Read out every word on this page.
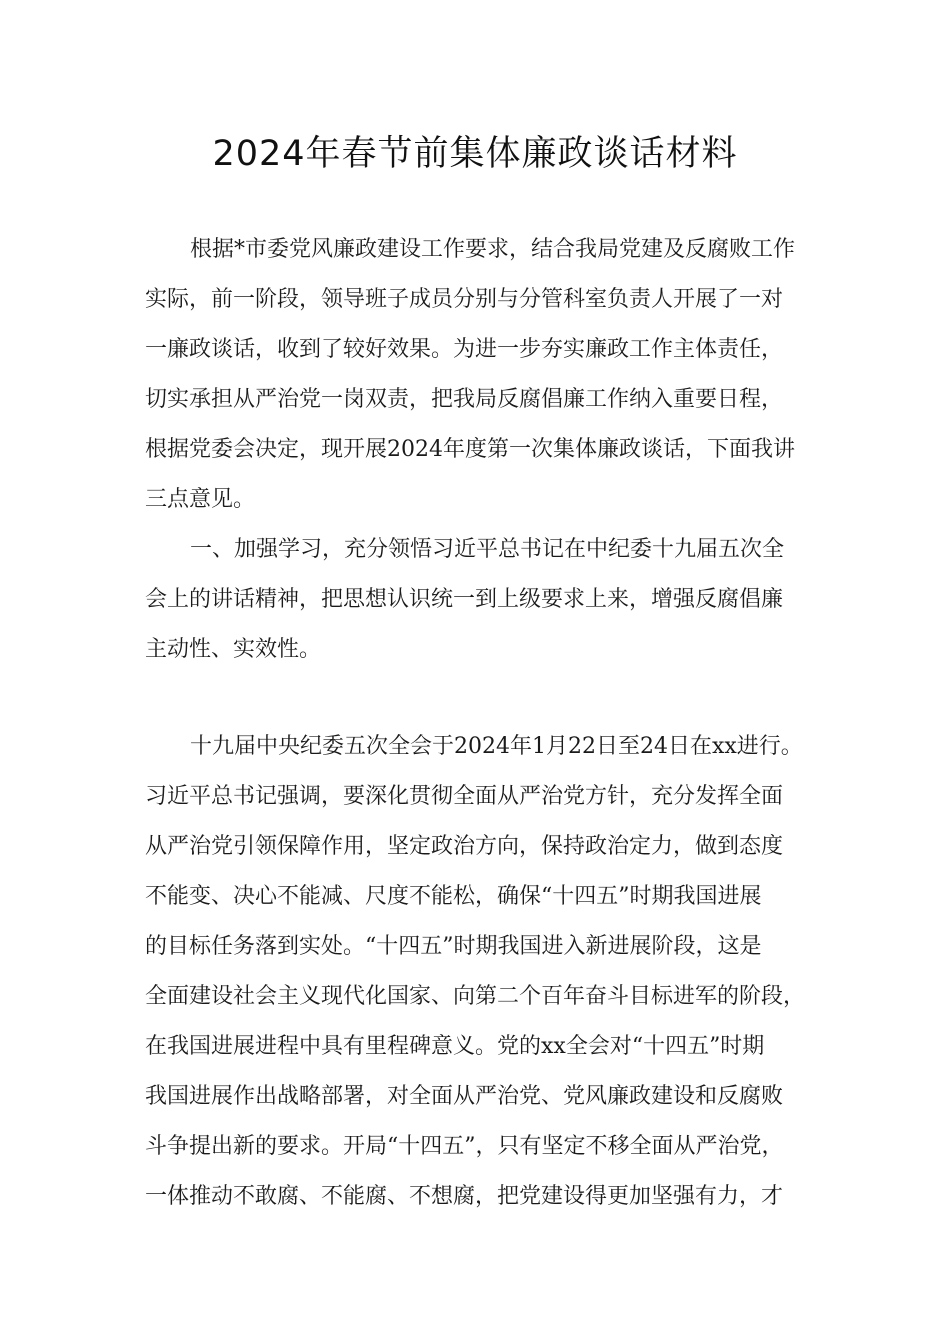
2024年春节前集体廉政谈话材料
根据*市委党风廉政建设工作要求，结合我局党建及反腐败工作
实际，前一阶段，领导班子成员分别与分管科室负责人开展了一对
一廉政谈话，收到了较好效果。为进一步夯实廉政工作主体责任，
切实承担从严治党一岗双责，把我局反腐倡廉工作纳入重要日程，
根据党委会决定，现开展2024年度第一次集体廉政谈话，下面我讲
三点意见。
一、加强学习，充分领悟习近平总书记在中纪委十九届五次全
会上的讲话精神，把思想认识统一到上级要求上来，增强反腐倡廉
主动性、实效性。
十九届中央纪委五次全会于2024年1月22日至24日在xx进行。
习近平总书记强调，要深化贯彻全面从严治党方针，充分发挥全面
从严治党引领保障作用，坚定政治方向，保持政治定力，做到态度
不能变、决心不能减、尺度不能松，确保“十四五”时期我国进展
的目标任务落到实处。“十四五”时期我国进入新进展阶段，这是
全面建设社会主义现代化国家、向第二个百年奋斗目标进军的阶段，
在我国进展进程中具有里程碑意义。党的xx全会对“十四五”时期
我国进展作出战略部署，对全面从严治党、党风廉政建设和反腐败
斗争提出新的要求。开局“十四五”，只有坚定不移全面从严治党，
一体推动不敢腐、不能腐、不想腐，把党建设得更加坚强有力，才
